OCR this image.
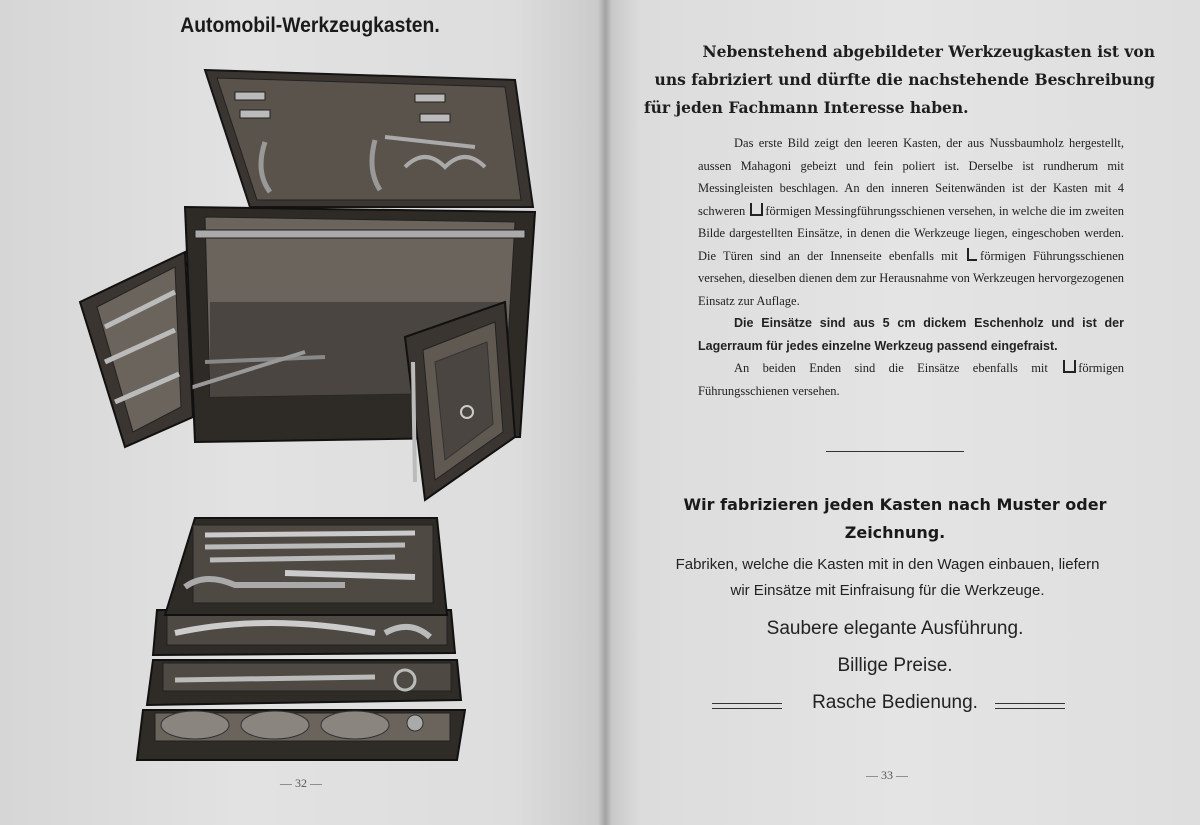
Automobil-Werkzeugkasten.
— 32 —
Nebenstehend abgebildeter Werkzeugkasten ist von
uns fabriziert und dürfte die nachstehende Beschreibung
für jeden Fachmann Interesse haben.

Das erste Bild zeigt den leeren Kasten, der aus Nussbaumholz hergestellt, aussen Mahagoni gebeizt und fein poliert ist. Derselbe ist rundherum mit Messingleisten beschlagen. An den inneren Seitenwänden ist der Kasten mit 4 schweren förmigen Messingführungsschienen versehen, in welche die im zweiten Bilde dargestellten Einsätze, in denen die Werkzeuge liegen, eingeschoben werden. Die Türen sind an der Innenseite ebenfalls mit förmigen Führungsschienen versehen, dieselben dienen dem zur Herausnahme von Werkzeugen hervorgezogenen Einsatz zur Auflage.

Die Einsätze sind aus 5 cm dickem Eschenholz und ist der Lagerraum für jedes einzelne Werkzeug passend eingefraist.

An beiden Enden sind die Einsätze ebenfalls mit förmigen Führungsschienen versehen.

Wir fabrizieren jeden Kasten nach Muster oder
Zeichnung.
Fabriken, welche die Kasten mit in den Wagen einbauen, liefern
wir Einsätze mit Einfraisung für die Werkzeuge.
Saubere elegante Ausführung.
Billige Preise.
Rasche Bedienung.
— 33 —
